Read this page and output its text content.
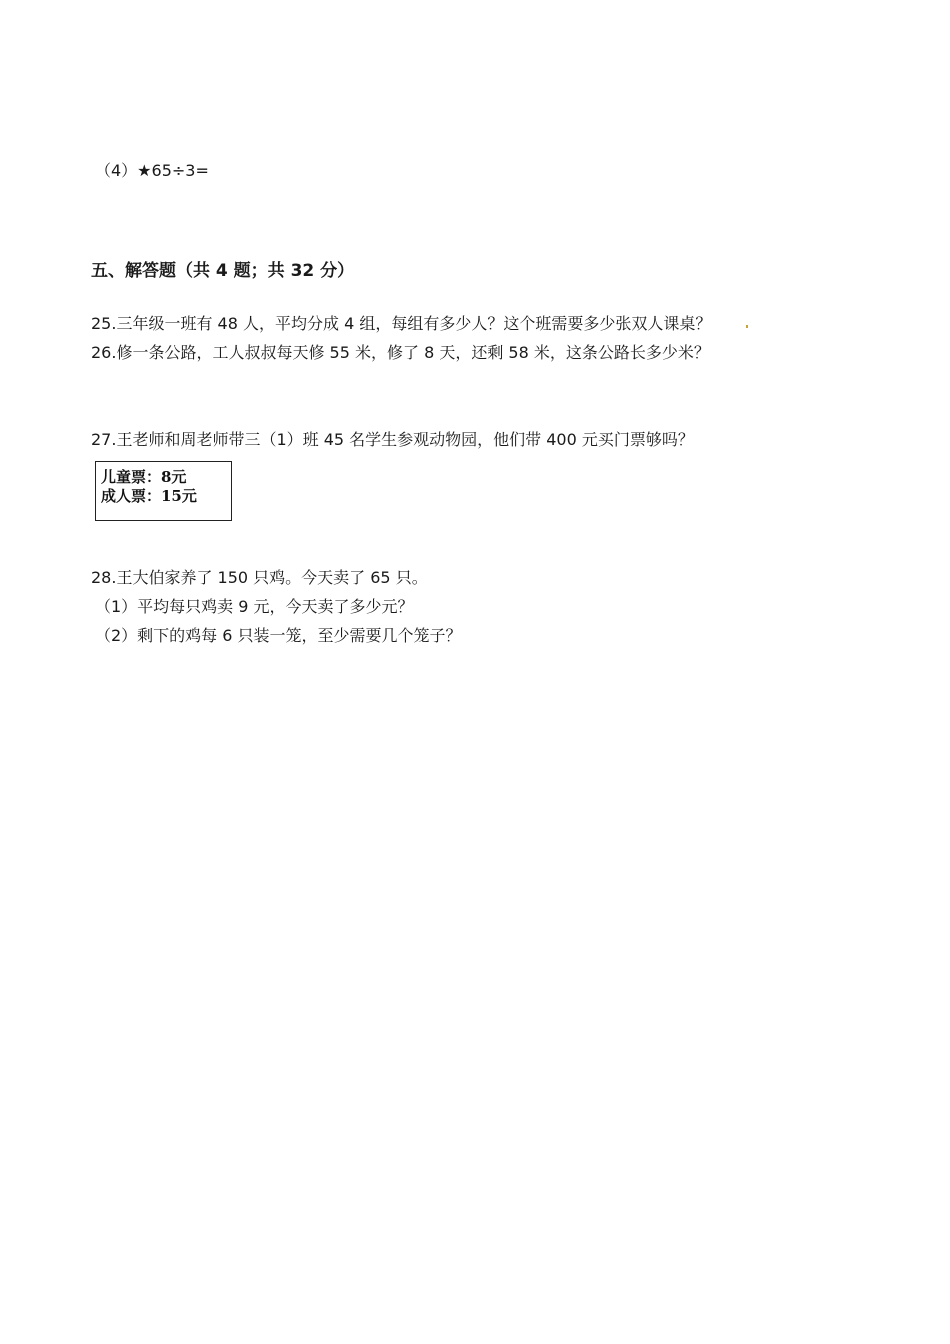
（4）★65÷3=
五、解答题（共 4 题；共 32 分）
25.三年级一班有 48 人，平均分成 4 组，每组有多少人？这个班需要多少张双人课桌？
26.修一条公路，工人叔叔每天修 55 米，修了 8 天，还剩 58 米，这条公路长多少米？
27.王老师和周老师带三（1）班 45 名学生参观动物园，他们带 400 元买门票够吗？
儿童票：8元
成人票：15元
28.王大伯家养了 150 只鸡。今天卖了 65 只。
（1）平均每只鸡卖 9 元，今天卖了多少元？
（2）剩下的鸡每 6 只装一笼，至少需要几个笼子？
